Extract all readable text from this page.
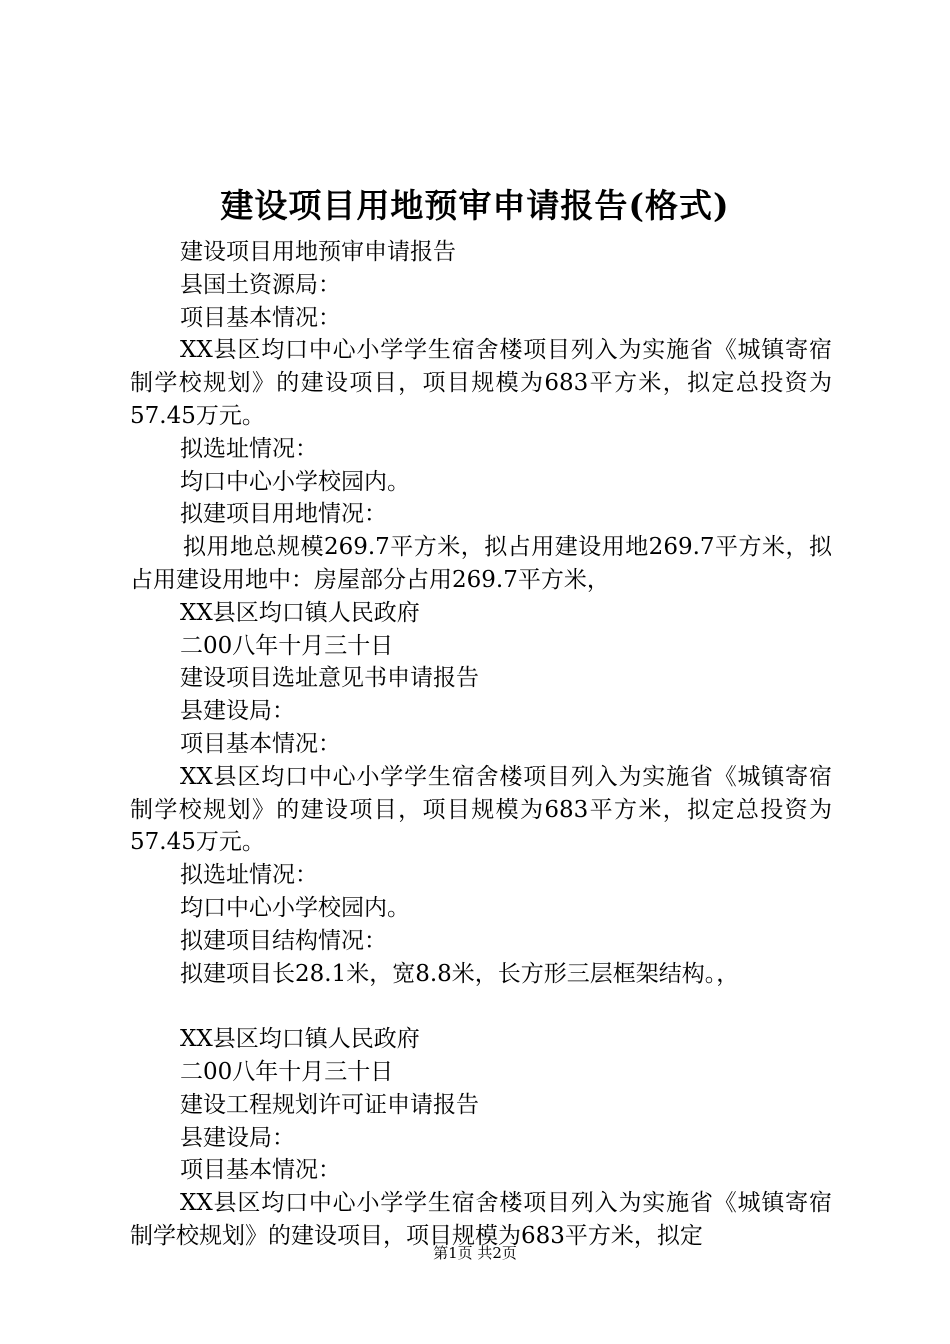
建设项目用地预审申请报告(格式)
建设项目用地预审申请报告
县国土资源局：
项目基本情况：
XX县区均口中心小学学生宿舍楼项目列入为实施省《城镇寄宿制学校规划》的建设项目，项目规模为683平方米，拟定总投资为57.45万元。
拟选址情况：
均口中心小学校园内。
拟建项目用地情况：
拟用地总规模269.7平方米，拟占用建设用地269.7平方米，拟占用建设用地中：房屋部分占用269.7平方米，
XX县区均口镇人民政府
二00八年十月三十日
建设项目选址意见书申请报告
县建设局：
项目基本情况：
XX县区均口中心小学学生宿舍楼项目列入为实施省《城镇寄宿制学校规划》的建设项目，项目规模为683平方米，拟定总投资为57.45万元。
拟选址情况：
均口中心小学校园内。
拟建项目结构情况：
拟建项目长28.1米，宽8.8米，长方形三层框架结构。，
XX县区均口镇人民政府
二00八年十月三十日
建设工程规划许可证申请报告
县建设局：
项目基本情况：
XX县区均口中心小学学生宿舍楼项目列入为实施省《城镇寄宿制学校规划》的建设项目，项目规模为683平方米，拟定
第1页 共2页
